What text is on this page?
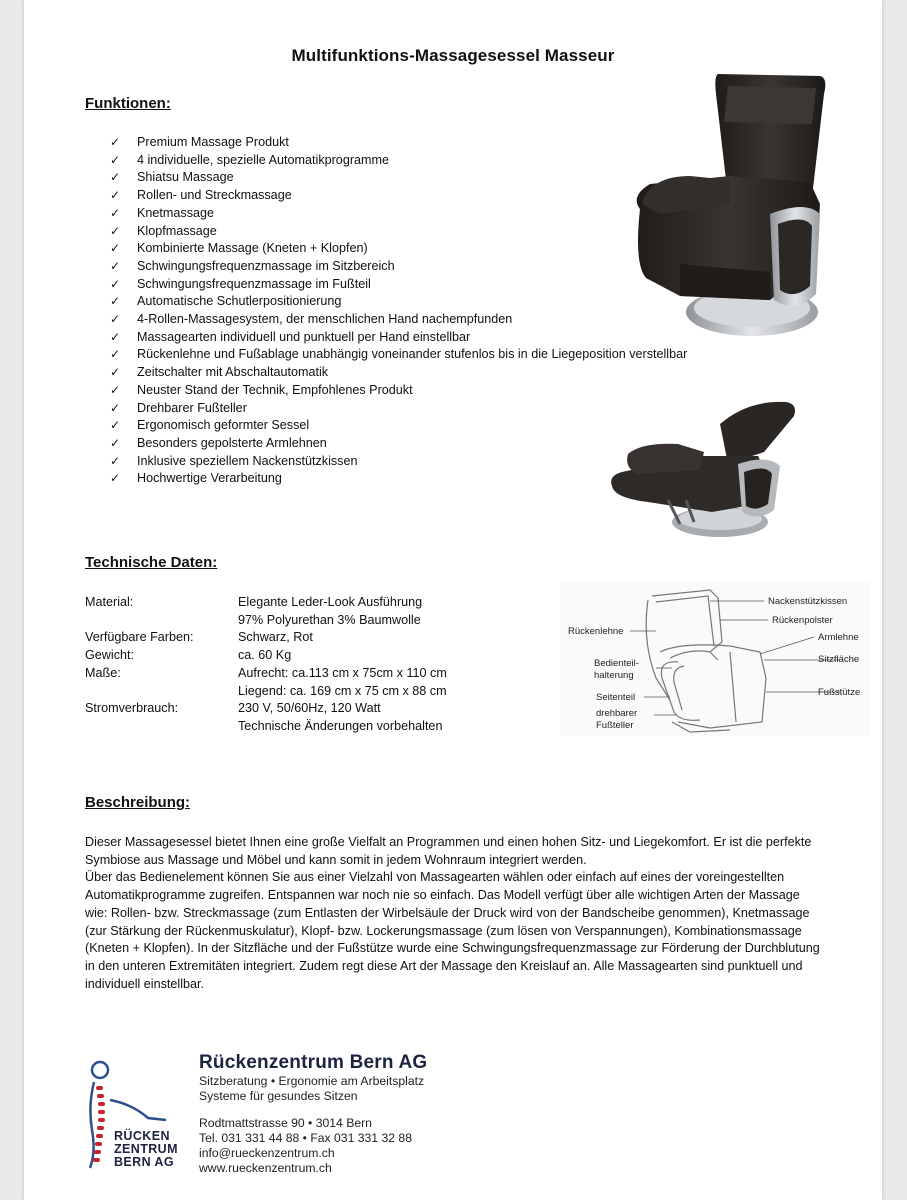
Multifunktions-Massagesessel Masseur
Funktionen:
✓ Premium Massage Produkt
✓ 4 individuelle, spezielle Automatikprogramme
✓ Shiatsu Massage
✓ Rollen- und Streckmassage
✓ Knetmassage
✓ Klopfmassage
✓ Kombinierte Massage (Kneten + Klopfen)
✓ Schwingungsfrequenzmassage im Sitzbereich
✓ Schwingungsfrequenzmassage im Fußteil
✓ Automatische Schutlerpositionierung
✓ 4-Rollen-Massagesystem, der menschlichen Hand nachempfunden
✓ Massagearten individuell und punktuell per Hand einstellbar
✓ Rückenlehne und Fußablage unabhängig voneinander stufenlos bis in die Liegeposition verstellbar
✓ Zeitschalter mit Abschaltautomatik
✓ Neuster Stand der Technik, Empfohlenes Produkt
✓ Drehbarer Fußteller
✓ Ergonomisch geformter Sessel
✓ Besonders gepolsterte Armlehnen
✓ Inklusive speziellem Nackenstützkissen
✓ Hochwertige Verarbeitung
Technische Daten:
Material:	Elegante Leder-Look Ausführung
	97% Polyurethan 3% Baumwolle
Verfügbare Farben:	Schwarz, Rot
Gewicht:	ca. 60 Kg
Maße:	Aufrecht: ca.113 cm x 75cm x 110 cm
	Liegend: ca. 169 cm x 75 cm x 88 cm
Stromverbrauch:	230 V, 50/60Hz, 120 Watt
	Technische Änderungen vorbehalten
Nackenstützkissen
Rückenpolster
Rückenlehne
Armlehne
Bedienteil-
halterung
Sitzfläche
Fußstütze
Seitenteil
drehbarer
Fußteller
Beschreibung:

Dieser Massagesessel bietet Ihnen eine große Vielfalt an Programmen und einen hohen Sitz- und Liegekomfort. Er ist die perfekte Symbiose aus Massage und Möbel und kann somit in jedem Wohnraum integriert werden.

Über das Bedienelement können Sie aus einer Vielzahl von Massagearten wählen oder einfach auf eines der voreingestellten Automatikprogramme zugreifen. Entspannen war noch nie so einfach. Das Modell verfügt über alle wichtigen Arten der Massage wie: Rollen- bzw. Streckmassage (zum Entlasten der Wirbelsäule der Druck wird von der Bandscheibe genommen), Knetmassage (zur Stärkung der Rückenmuskulatur), Klopf- bzw. Lockerungsmassage (zum lösen von Verspannungen), Kombinationsmassage (Kneten + Klopfen). In der Sitzfläche und der Fußstütze wurde eine Schwingungsfrequenzmassage zur Förderung der Durchblutung in den unteren Extremitäten integriert. Zudem regt diese Art der Massage den Kreislauf an. Alle Massagearten sind punktuell und individuell einstellbar.

RÜCKEN
ZENTRUM
BERN AG
Rückenzentrum Bern AG
Sitzberatung • Ergonomie am Arbeitsplatz
Systeme für gesundes Sitzen
Rodtmattstrasse 90 • 3014 Bern
Tel. 031 331 44 88 • Fax 031 331 32 88
info@rueckenzentrum.ch
www.rueckenzentrum.ch
